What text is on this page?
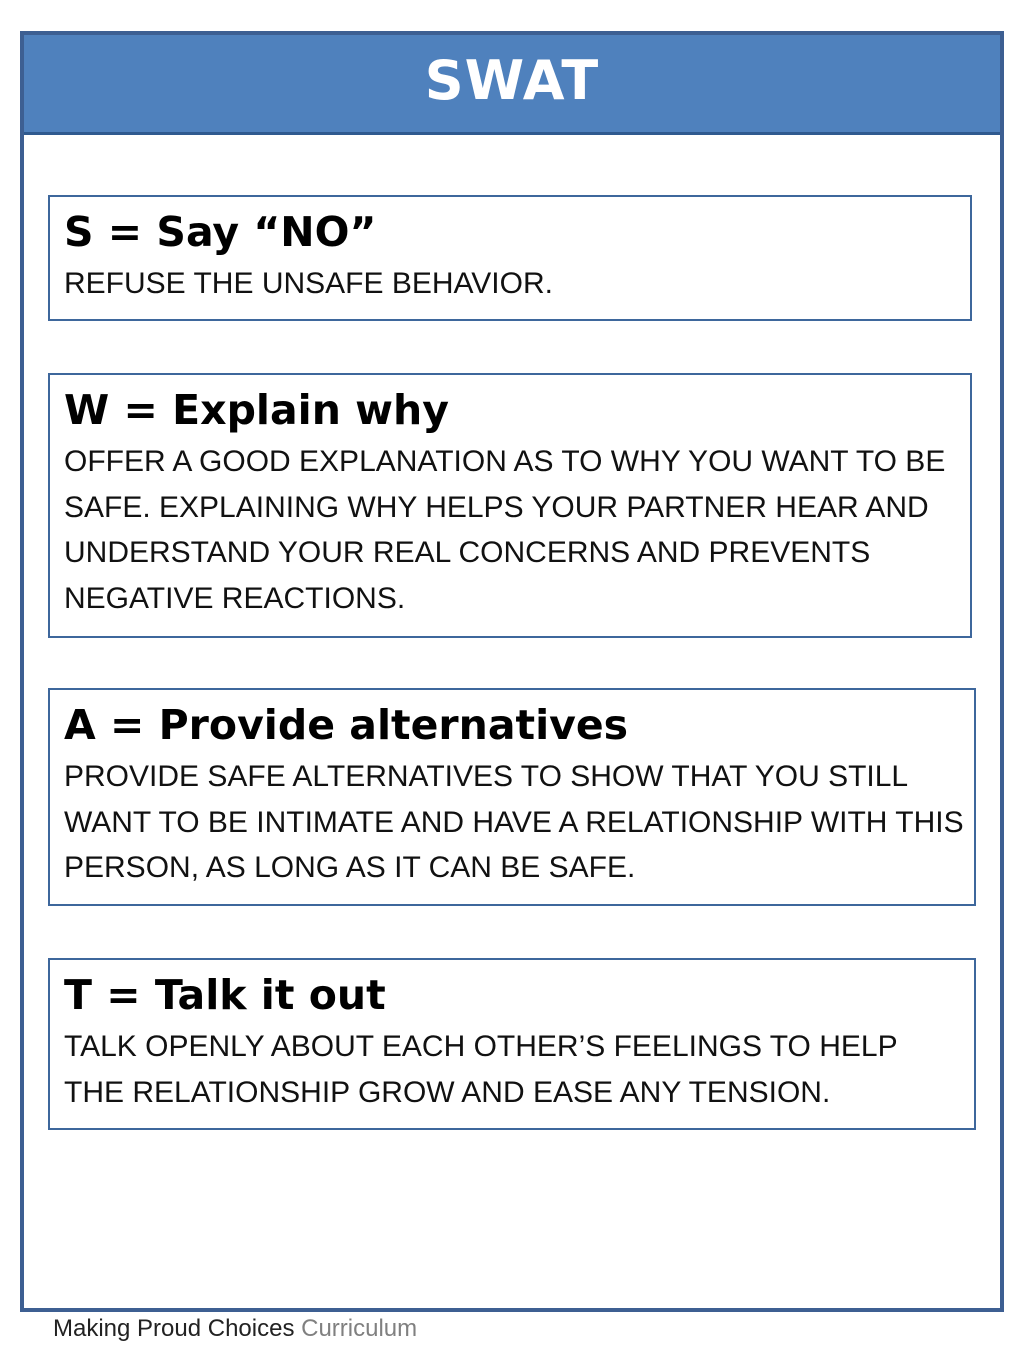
SWAT
S = Say “NO”
REFUSE THE UNSAFE BEHAVIOR.
W = Explain why
OFFER A GOOD EXPLANATION AS TO WHY YOU WANT TO BE SAFE. EXPLAINING WHY HELPS YOUR PARTNER HEAR AND UNDERSTAND YOUR REAL CONCERNS AND PREVENTS NEGATIVE REACTIONS.
A = Provide alternatives
PROVIDE SAFE ALTERNATIVES TO SHOW THAT YOU STILL WANT TO BE INTIMATE AND HAVE A RELATIONSHIP WITH THIS PERSON, AS LONG AS IT CAN BE SAFE.
T = Talk it out
TALK OPENLY ABOUT EACH OTHER’S FEELINGS TO HELP THE RELATIONSHIP GROW AND EASE ANY TENSION.
Making Proud Choices Curriculum
